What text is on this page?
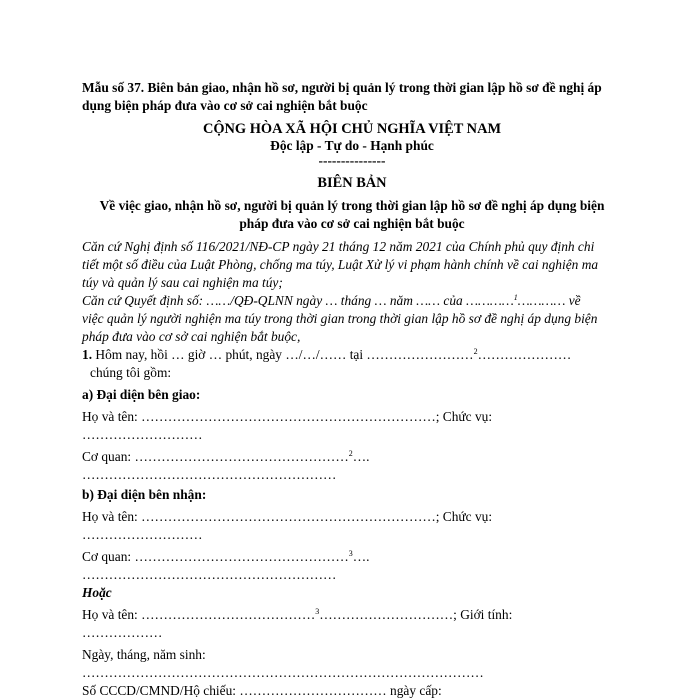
Mẫu số 37. Biên bản giao, nhận hồ sơ, người bị quản lý trong thời gian lập hồ sơ đề nghị áp
dụng biện pháp đưa vào cơ sở cai nghiện bắt buộc
CỘNG HÒA XÃ HỘI CHỦ NGHĨA VIỆT NAM
Độc lập - Tự do - Hạnh phúc
---------------
BIÊN BẢN
Về việc giao, nhận hồ sơ, người bị quản lý trong thời gian lập hồ sơ đề nghị áp dụng biện
pháp đưa vào cơ sở cai nghiện bắt buộc
Căn cứ Nghị định số 116/2021/NĐ-CP ngày 21 tháng 12 năm 2021 của Chính phủ quy định chi
tiết một số điều của Luật Phòng, chống ma túy, Luật Xử lý vi phạm hành chính về cai nghiện ma
túy và quản lý sau cai nghiện ma túy;
Căn cứ Quyết định số: ……/QĐ-QLNN ngày … tháng … năm …… của …………$^1$………… về
việc quản lý người nghiện ma túy trong thời gian trong thời gian lập hồ sơ đề nghị áp dụng biện
pháp đưa vào cơ sở cai nghiện bắt buộc,
1. Hôm nay, hồi … giờ … phút, ngày …/…/…… tại ……………………$^2$…………………
chúng tôi gồm:
a) Đại diện bên giao:
Họ và tên: …………………………………………………………; Chức vụ:
………………………
Cơ quan: …………………………………………$^2$….
…………………………………………………
b) Đại diện bên nhận:
Họ và tên: …………………………………………………………; Chức vụ:
………………………
Cơ quan: …………………………………………$^3$….
…………………………………………………
Hoặc
Họ và tên: …………………………………$^3$…………………………; Giới tính:
………………
Ngày, tháng, năm sinh:
………………………………………………………………………………
Số CCCD/CMND/Hộ chiếu: …………………………… ngày cấp:
